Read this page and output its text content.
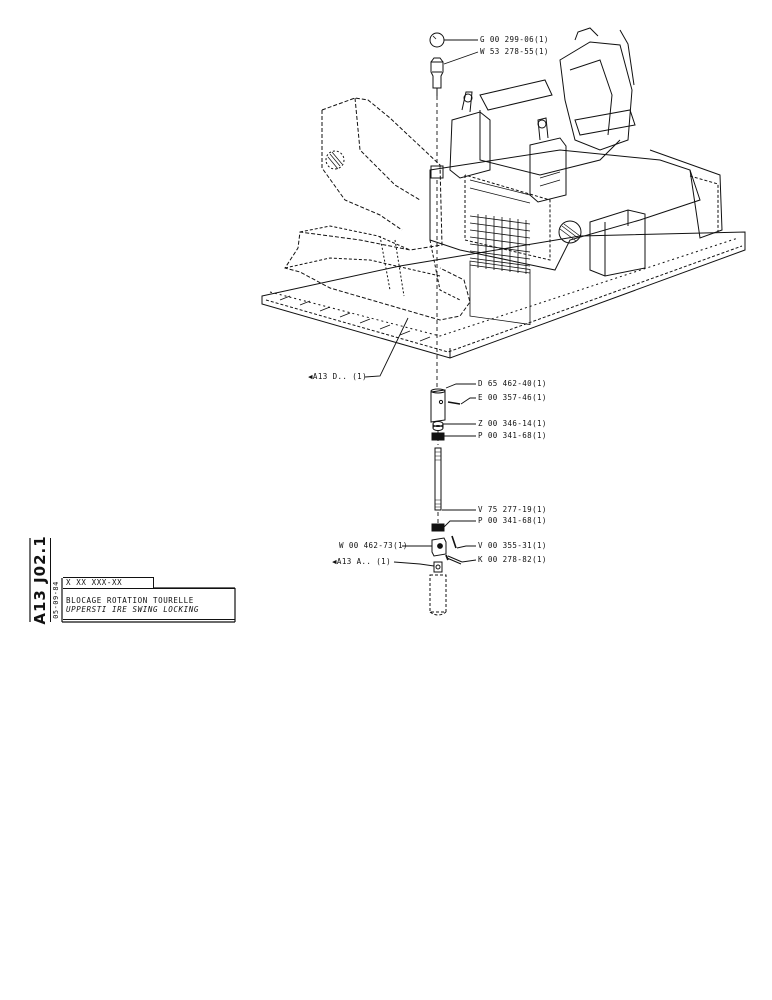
G 00 299-06(1)
W 53 278-55(1)
D 65 462-40(1)
E 00 357-46(1)
Z 00 346-14(1)
P 00 341-68(1)
V 75 277-19(1)
P 00 341-68(1)
V 00 355-31(1)
K 00 278-82(1)
W 00 462-73(1)
◀A13 D.. (1)
◀A13 A.. (1)
A13 J02.1 05-09-84 X XX XXX-XX
BLOCAGE ROTATION TOURELLE
UPPERSTI IRE SWING LOCKING
